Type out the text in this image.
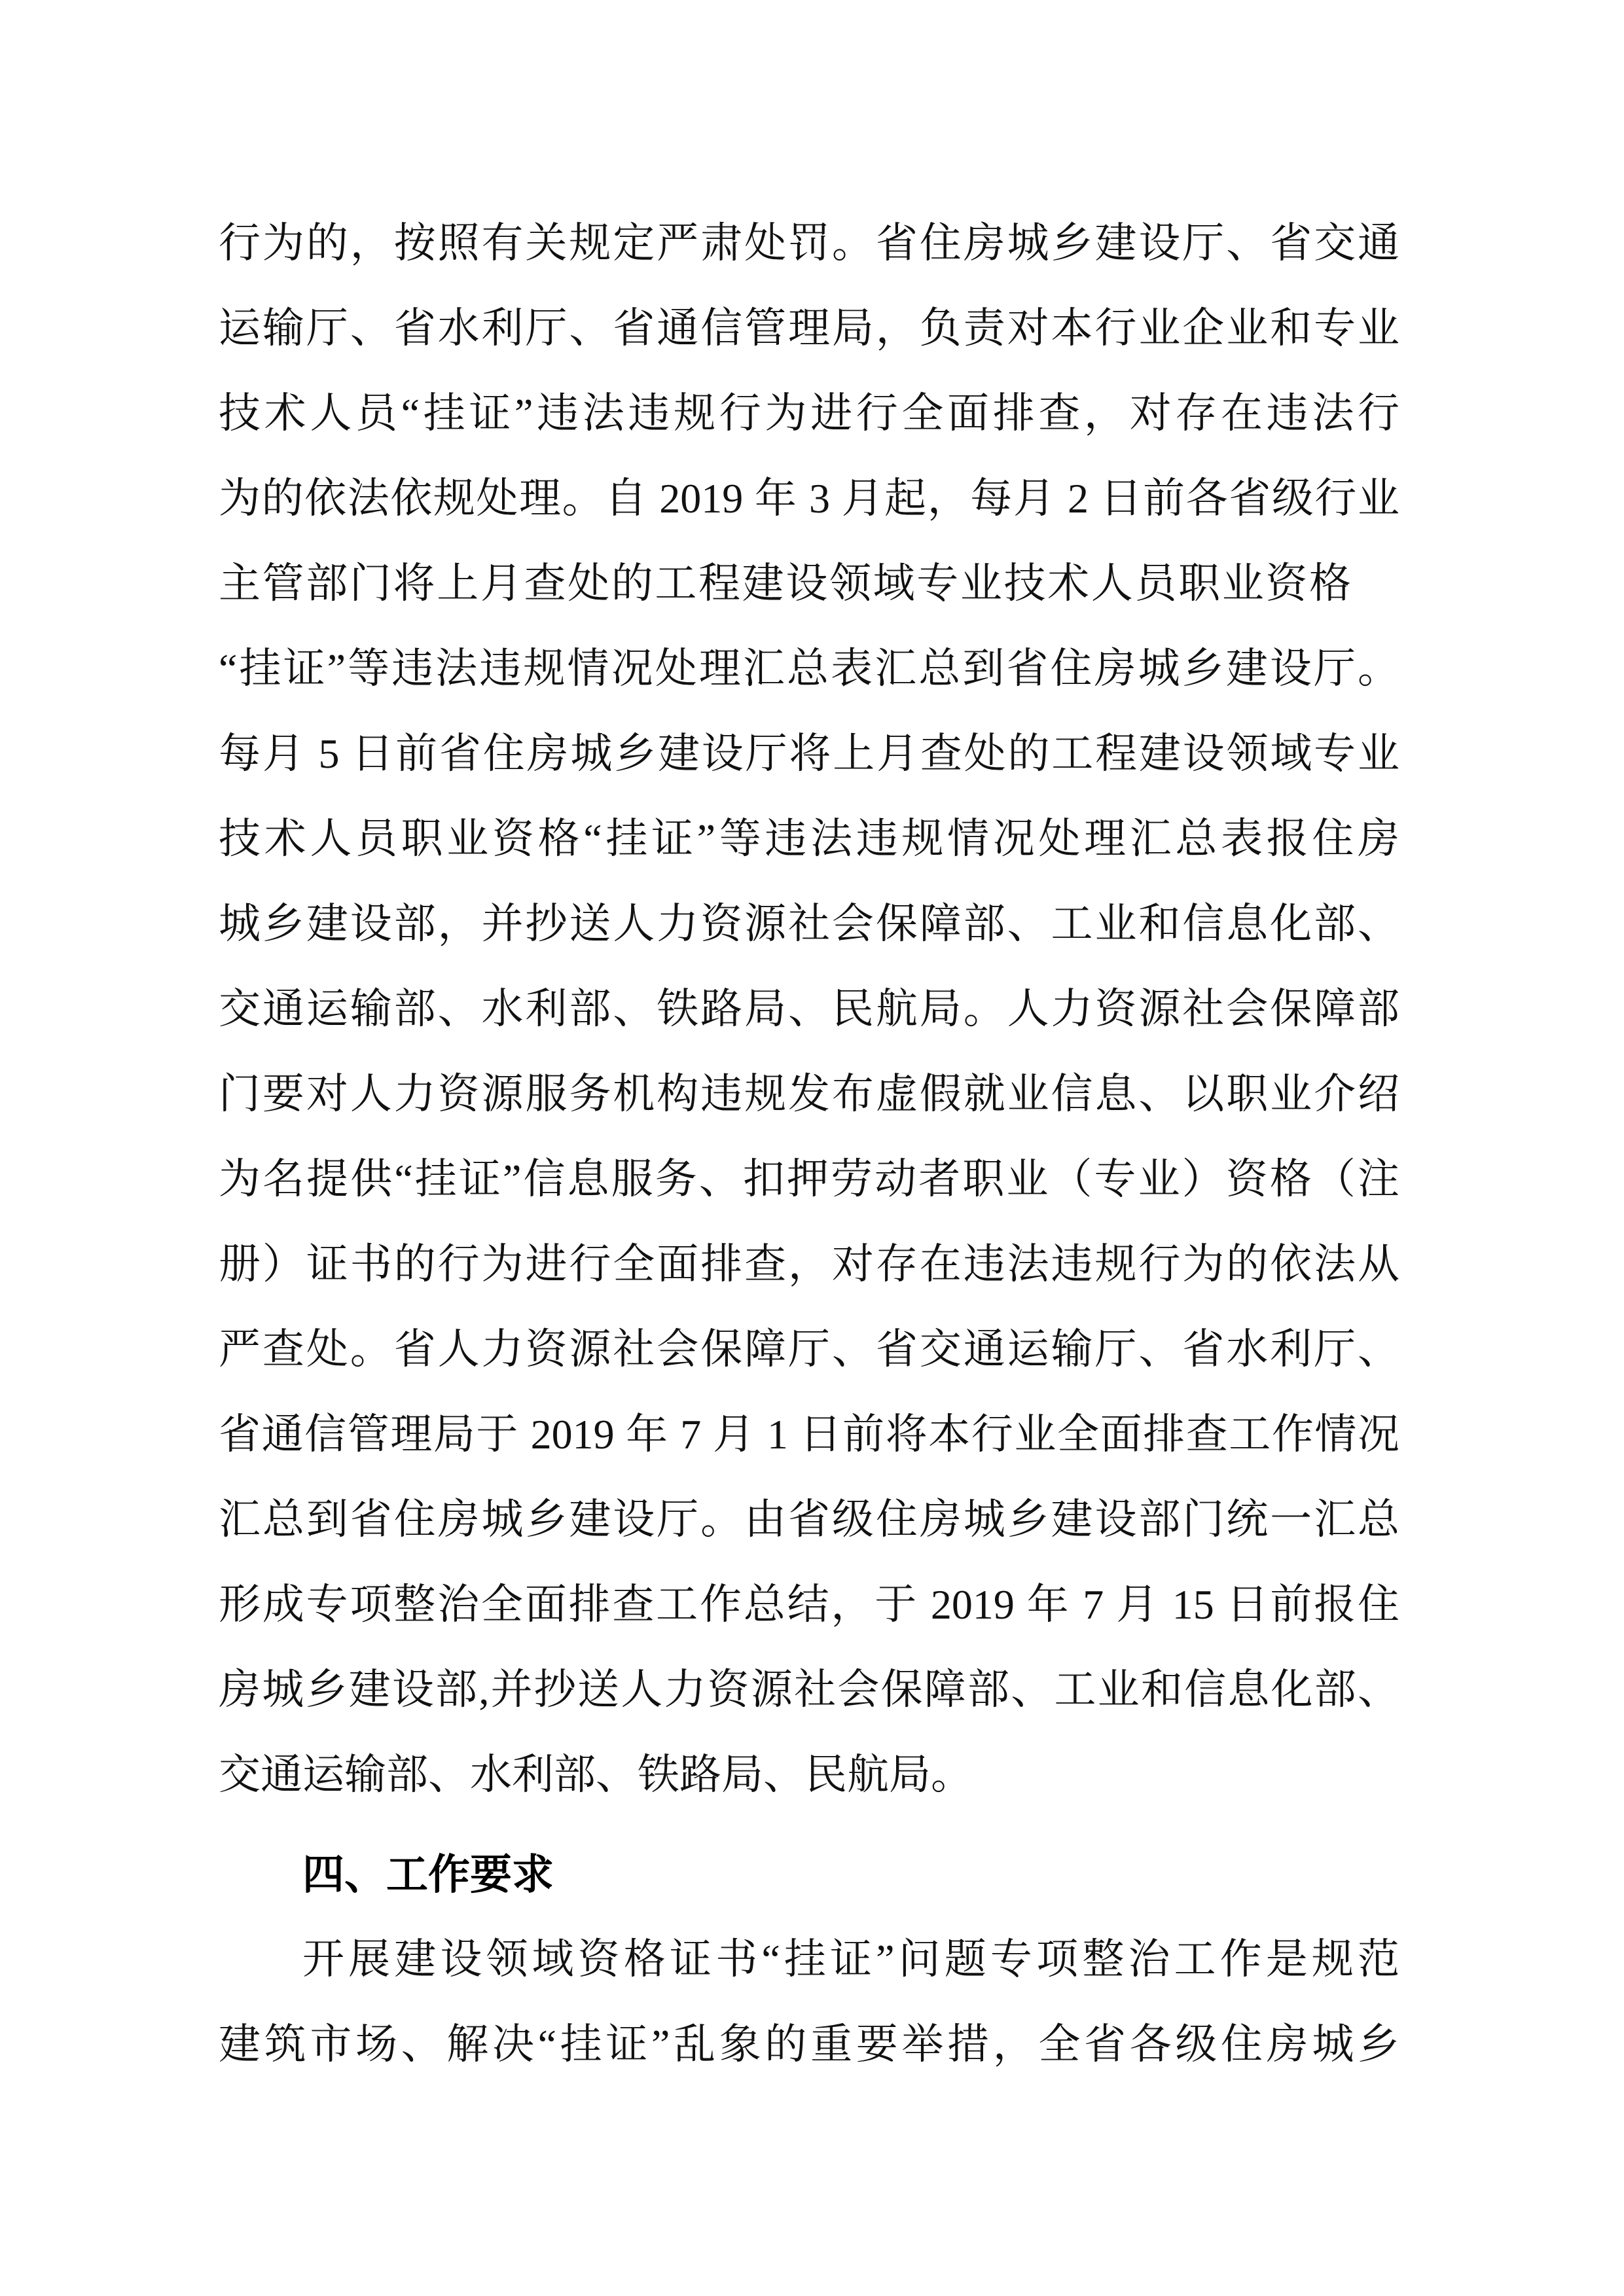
行为的，按照有关规定严肃处罚。省住房城乡建设厅、省交通
运输厅、省水利厅、省通信管理局，负责对本行业企业和专业
技术人员“挂证”违法违规行为进行全面排查，对存在违法行
为的依法依规处理。自 2019 年 3 月起，每月 2 日前各省级行业
主管部门将上月查处的工程建设领域专业技术人员职业资格
“挂证”等违法违规情况处理汇总表汇总到省住房城乡建设厅。
每月 5 日前省住房城乡建设厅将上月查处的工程建设领域专业
技术人员职业资格“挂证”等违法违规情况处理汇总表报住房
城乡建设部，并抄送人力资源社会保障部、工业和信息化部、
交通运输部、水利部、铁路局、民航局。人力资源社会保障部
门要对人力资源服务机构违规发布虚假就业信息、以职业介绍
为名提供“挂证”信息服务、扣押劳动者职业（专业）资格（注
册）证书的行为进行全面排查，对存在违法违规行为的依法从
严查处。省人力资源社会保障厅、省交通运输厅、省水利厅、
省通信管理局于 2019 年 7 月 1 日前将本行业全面排查工作情况
汇总到省住房城乡建设厅。由省级住房城乡建设部门统一汇总
形成专项整治全面排查工作总结，于 2019 年 7 月 15 日前报住
房城乡建设部,并抄送人力资源社会保障部、工业和信息化部、
交通运输部、水利部、铁路局、民航局。
四、工作要求
开展建设领域资格证书“挂证”问题专项整治工作是规范
建筑市场、解决“挂证”乱象的重要举措，全省各级住房城乡
